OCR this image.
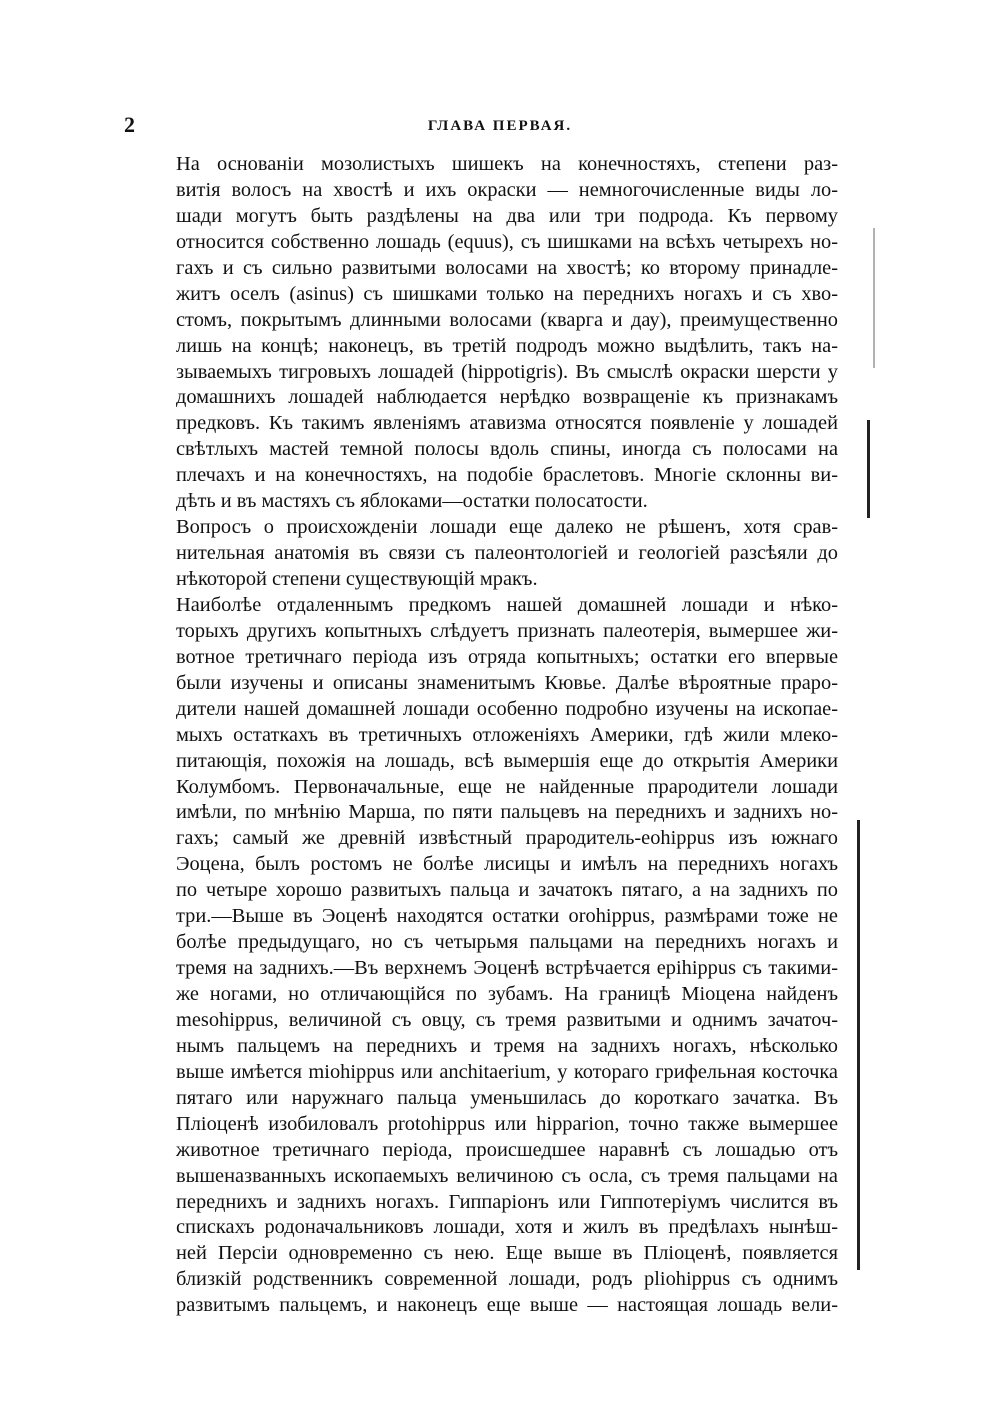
2	ГЛАВА ПЕРВАЯ.

На основаніи мозолистыхъ шишекъ на конечностяхъ, степени раз-
витія волосъ на хвостѣ и ихъ окраски — немногочисленные виды ло-
шади могутъ быть раздѣлены на два или три подрода. Къ первому
относится собственно лошадь (equus), съ шишками на всѣхъ четырехъ но-
гахъ и съ сильно развитыми волосами на хвостѣ; ко второму принадле-
житъ оселъ (asinus) съ шишками только на переднихъ ногахъ и съ хво-
стомъ, покрытымъ длинными волосами (кварга и дау), преимущественно
лишь на концѣ; наконецъ, въ третій подродъ можно выдѣлить, такъ на-
зываемыхъ тигровыхъ лошадей (hippotigris). Въ смыслѣ окраски шерсти у
домашнихъ лошадей наблюдается нерѣдко возвращеніе къ признакамъ
предковъ. Къ такимъ явленіямъ атавизма относятся появленіе у лошадей
свѣтлыхъ мастей темной полосы вдоль спины, иногда съ полосами на
плечахъ и на конечностяхъ, на подобіе браслетовъ. Многіе склонны ви-
дѣть и въ мастяхъ съ яблоками—остатки полосатости.

Вопросъ о происхожденіи лошади еще далеко не рѣшенъ, хотя срав-
нительная анатомія въ связи съ палеонтологіей и геологіей разсѣяли до
нѣкоторой степени существующій мракъ.

Наиболѣе отдаленнымъ предкомъ нашей домашней лошади и нѣко-
торыхъ другихъ копытныхъ слѣдуетъ признать палеотерія, вымершее жи-
вотное третичнаго періода изъ отряда копытныхъ; остатки его впервые
были изучены и описаны знаменитымъ Кювье. Далѣе вѣроятные праро-
дители нашей домашней лошади особенно подробно изучены на ископае-
мыхъ остаткахъ въ третичныхъ отложеніяхъ Америки, гдѣ жили млеко-
питающія, похожія на лошадь, всѣ вымершія еще до открытія Америки
Колумбомъ. Первоначальные, еще не найденные прародители лошади
имѣли, по мнѣнію Марша, по пяти пальцевъ на переднихъ и заднихъ но-
гахъ; самый же древній извѣстный прародитель-eohippus изъ южнаго
Эоцена, былъ ростомъ не болѣе лисицы и имѣлъ на переднихъ ногахъ
по четыре хорошо развитыхъ пальца и зачатокъ пятаго, а на заднихъ по
три.—Выше въ Эоценѣ находятся остатки orohippus, размѣрами тоже не
болѣе предыдущаго, но съ четырьмя пальцами на переднихъ ногахъ и
тремя на заднихъ.—Въ верхнемъ Эоценѣ встрѣчается epihippus съ такими-
же ногами, но отличающійся по зубамъ. На границѣ Міоцена найденъ
mesohippus, величиной съ овцу, съ тремя развитыми и однимъ зачаточ-
нымъ пальцемъ на переднихъ и тремя на заднихъ ногахъ, нѣсколько
выше имѣется miohippus или anchitaerium, у котораго грифельная косточка
пятаго или наружнаго пальца уменьшилась до короткаго зачатка. Въ
Пліоценѣ изобиловалъ protohippus или hipparion, точно также вымершее
животное третичнаго періода, происшедшее наравнѣ съ лошадью отъ
вышеназванныхъ ископаемыхъ величиною съ осла, съ тремя пальцами на
переднихъ и заднихъ ногахъ. Гиппаріонъ или Гиппотеріумъ числится въ
спискахъ родоначальниковъ лошади, хотя и жилъ въ предѣлахъ нынѣш-
ней Персіи одновременно съ нею. Еще выше въ Пліоценѣ, появляется
близкій родственникъ современной лошади, родъ pliohippus съ однимъ
развитымъ пальцемъ, и наконецъ еще выше — настоящая лошадь вели-
